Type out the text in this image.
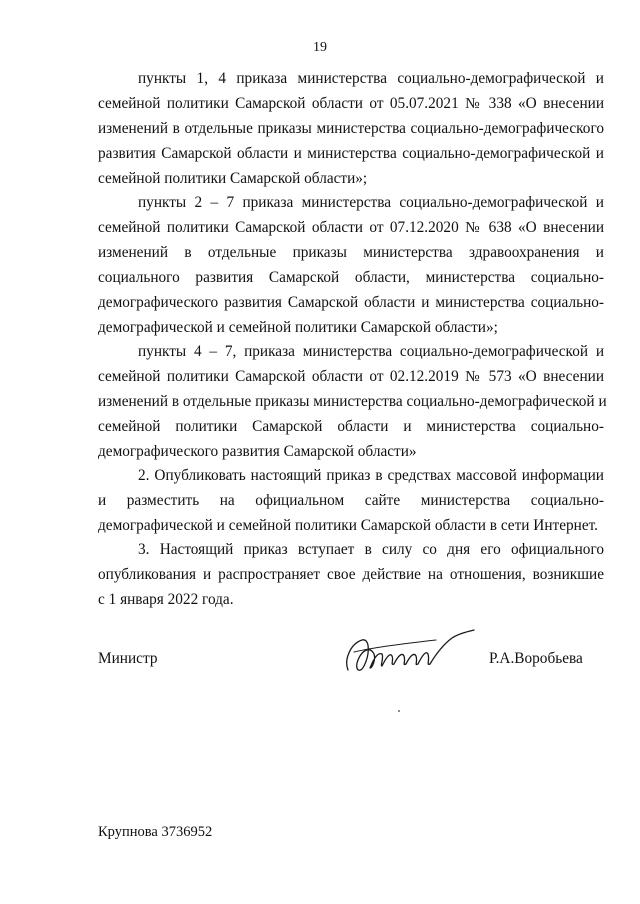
19
пункты 1, 4 приказа министерства социально-демографической и
семейной политики Самарской области от 05.07.2021 № 338 «О внесении
изменений в отдельные приказы министерства социально-демографического
развития Самарской области и министерства социально-демографической и
семейной политики Самарской области»;
пункты 2 – 7 приказа министерства социально-демографической и
семейной политики Самарской области от 07.12.2020 № 638 «О внесении
изменений в отдельные приказы министерства здравоохранения и
социального развития Самарской области, министерства социально-
демографического развития Самарской области и министерства социально-
демографической и семейной политики Самарской области»;
пункты 4 – 7, приказа министерства социально-демографической и
семейной политики Самарской области от 02.12.2019 № 573 «О внесении
изменений в отдельные приказы министерства социально-демографической и
семейной политики Самарской области и министерства социально-
демографического развития Самарской области»
2. Опубликовать настоящий приказ в средствах массовой информации
и разместить на официальном сайте министерства социально-
демографической и семейной политики Самарской области в сети Интернет.
3. Настоящий приказ вступает в силу со дня его официального
опубликования и распространяет свое действие на отношения, возникшие
с 1 января 2022 года.
Министр	Р.А.Воробьева
Крупнова 3736952
